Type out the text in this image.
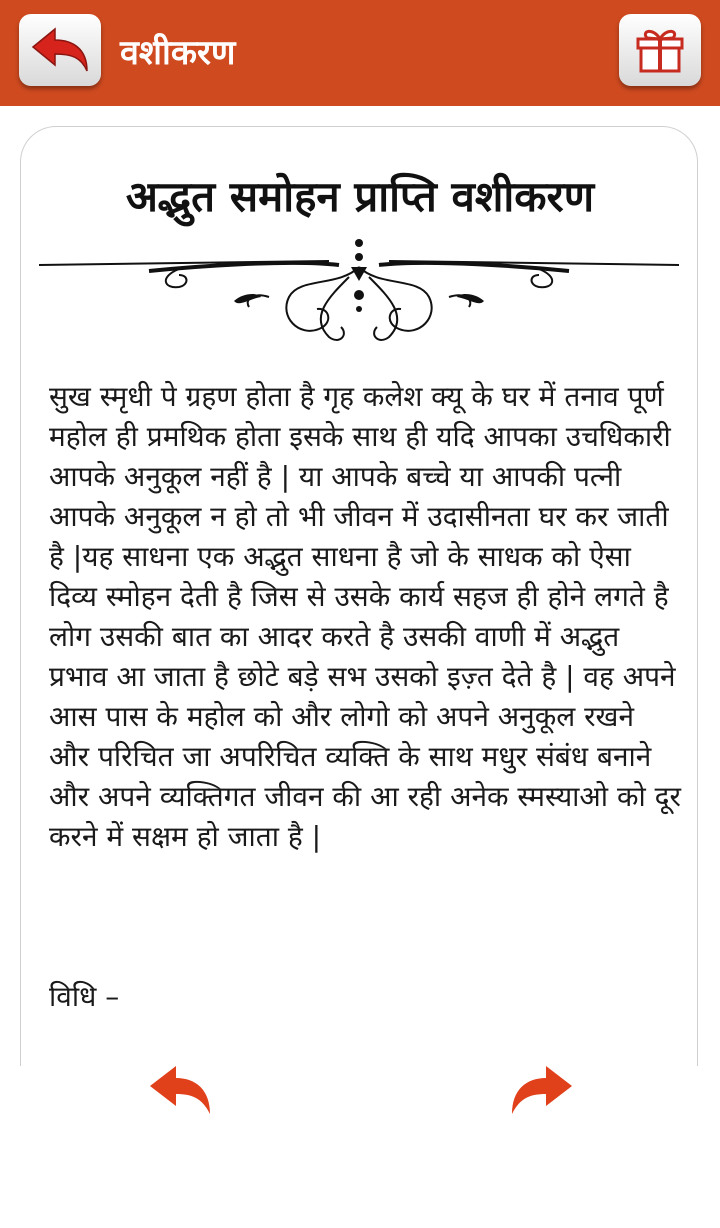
वशीकरण
अद्भुत समोहन प्राप्ति वशीकरण
सुख स्मृधी पे ग्रहण होता है गृह कलेश क्यू के घर में तनाव पूर्ण महोल ही प्रमथिक होता इसके साथ ही यदि आपका उचधिकारी आपके अनुकूल नहीं है | या आपके बच्चे या आपकी पत्नी आपके अनुकूल न हो तो भी जीवन में उदासीनता घर कर जाती है |यह साधना एक अद्भुत साधना है जो के साधक को ऐसा दिव्य स्मोहन देती है जिस से उसके कार्य सहज ही होने लगते है लोग उसकी बात का आदर करते है उसकी वाणी में अद्भुत प्रभाव आ जाता है छोटे बड़े सभ उसको इज़्त देते है | वह अपने आस पास के महोल को और लोगो को अपने अनुकूल रखने और परिचित जा अपरिचित व्यक्ति के साथ मधुर संबंध बनाने और अपने व्यक्तिगत जीवन की आ रही अनेक स्मस्याओ को दूर करने में सक्षम हो जाता है |
विधि –
